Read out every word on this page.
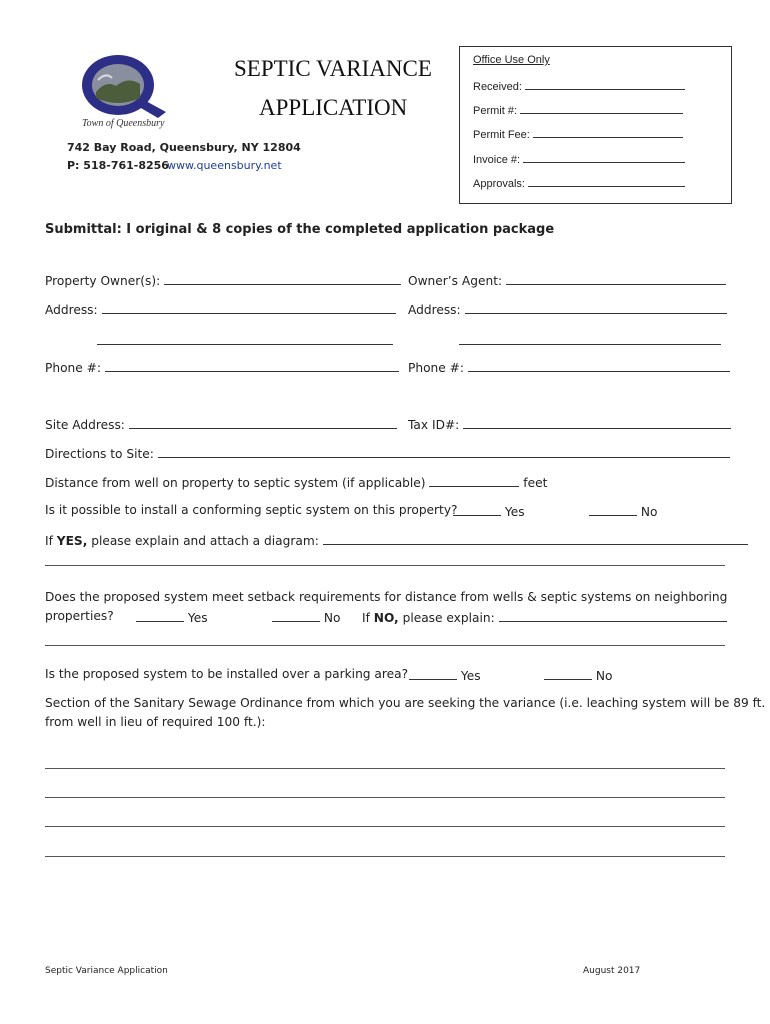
Town of Queensbury
SEPTIC VARIANCE
APPLICATION
742 Bay Road, Queensbury, NY 12804
P: 518-761-8256
www.queensbury.net
Office Use Only
Received:
Permit #:
Permit Fee:
Invoice #:
Approvals:
Submittal: I original & 8 copies of the completed application package
Property Owner(s):	Owner’s Agent:
Address:	Address:
Phone #:	Phone #:
Site Address:	Tax ID#:
Directions to Site:
Distance from well on property to septic system (if applicable)	feet
Is it possible to install a conforming septic system on this property?	Yes	No
If YES, please explain and attach a diagram:
Does the proposed system meet setback requirements for distance from wells & septic systems on neighboring
properties?	Yes	No If NO, please explain:
Is the proposed system to be installed over a parking area?	Yes	No
Section of the Sanitary Sewage Ordinance from which you are seeking the variance (i.e. leaching system will be 89 ft.
from well in lieu of required 100 ft.):
Septic Variance Application	August 2017
